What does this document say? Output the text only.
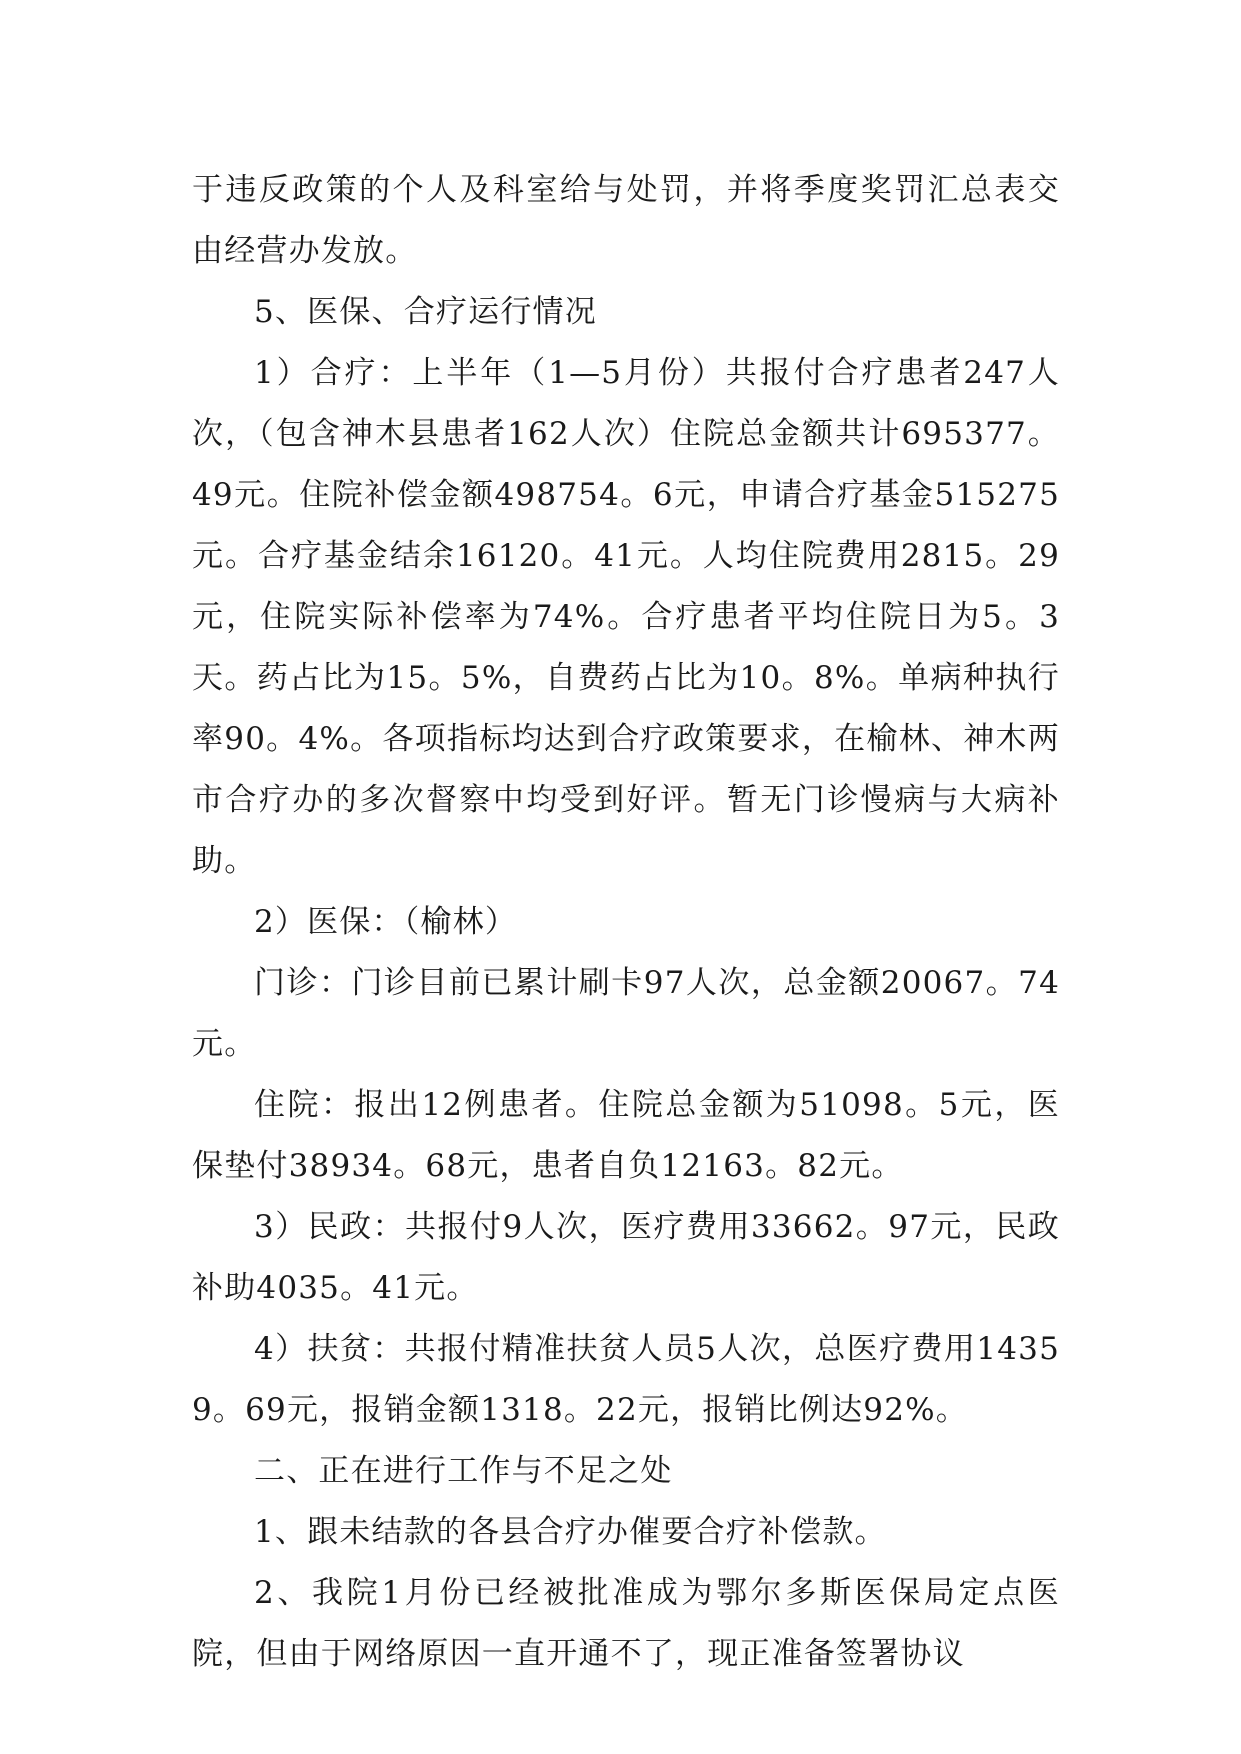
于违反政策的个人及科室给与处罚，并将季度奖罚汇总表交由经营办发放。

5、医保、合疗运行情况

1）合疗：上半年（1—5月份）共报付合疗患者247人次，（包含神木县患者162人次）住院总金额共计695377。49元。住院补偿金额498754。6元，申请合疗基金515275元。合疗基金结余16120。41元。人均住院费用2815。29元，住院实际补偿率为74%。合疗患者平均住院日为5。3天。药占比为15。5%，自费药占比为10。8%。单病种执行率90。4%。各项指标均达到合疗政策要求，在榆林、神木两市合疗办的多次督察中均受到好评。暂无门诊慢病与大病补助。

2）医保：（榆林）

门诊：门诊目前已累计刷卡97人次，总金额20067。74元。

住院：报出12例患者。住院总金额为51098。5元，医保垫付38934。68元，患者自负12163。82元。

3）民政：共报付9人次，医疗费用33662。97元，民政补助4035。41元。

4）扶贫：共报付精准扶贫人员5人次，总医疗费用14359。69元，报销金额1318。22元，报销比例达92%。

二、正在进行工作与不足之处

1、跟未结款的各县合疗办催要合疗补偿款。

2、我院1月份已经被批准成为鄂尔多斯医保局定点医院，但由于网络原因一直开通不了，现正准备签署协议
